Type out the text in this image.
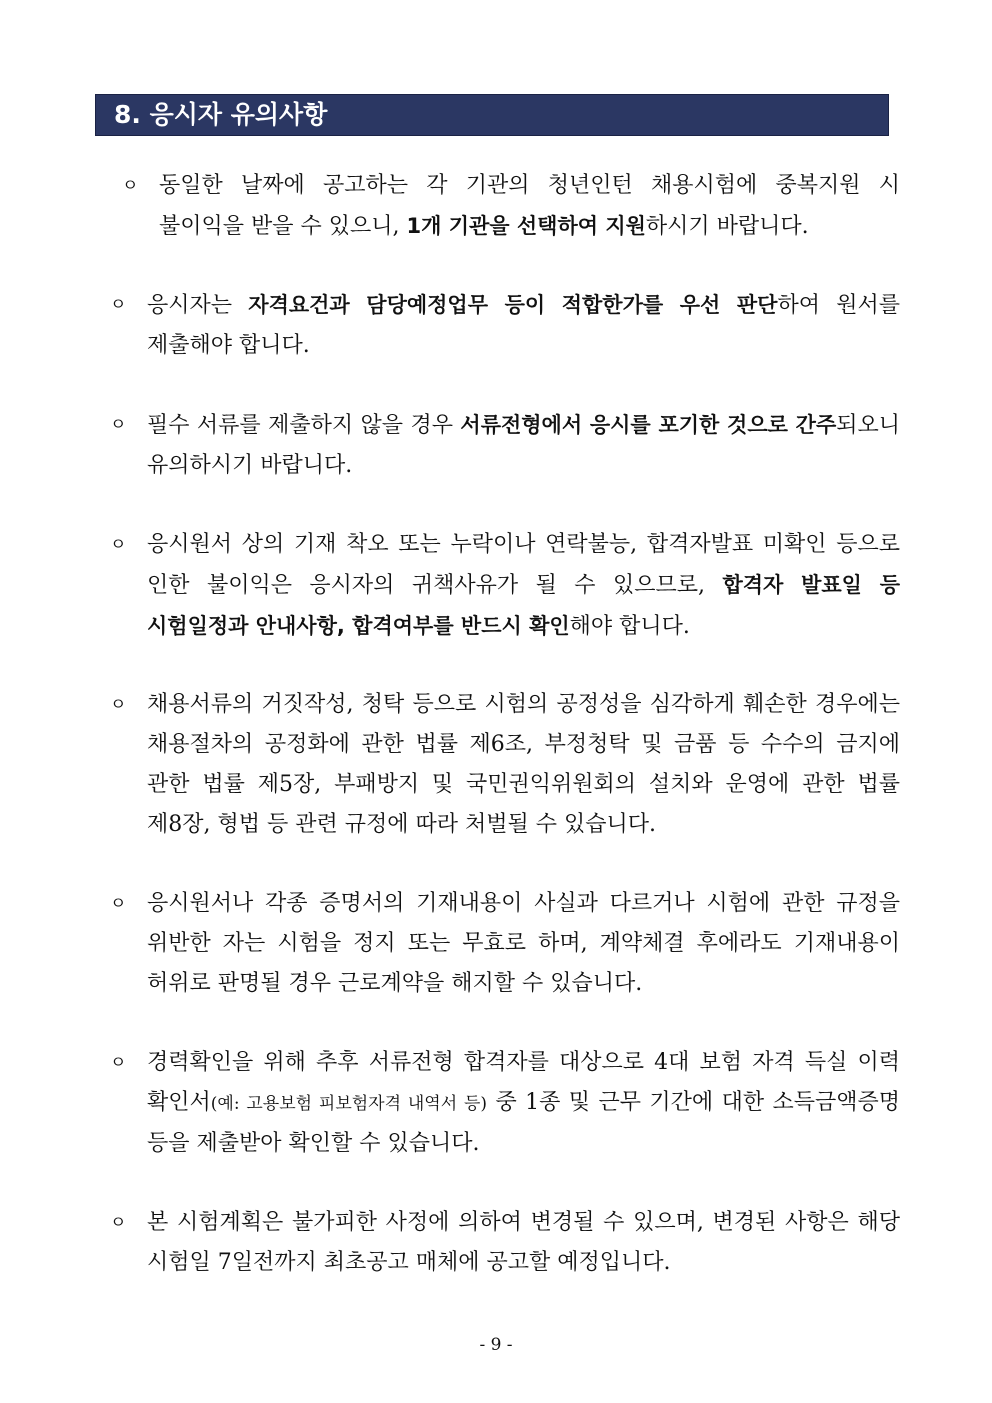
8. 응시자 유의사항
ㅇ 동일한 날짜에 공고하는 각 기관의 청년인턴 채용시험에 중복지원 시 불이익을 받을 수 있으니, 1개 기관을 선택하여 지원하시기 바랍니다.
ㅇ 응시자는 자격요건과 담당예정업무 등이 적합한가를 우선 판단하여 원서를 제출해야 합니다.
ㅇ 필수 서류를 제출하지 않을 경우 서류전형에서 응시를 포기한 것으로 간주되오니 유의하시기 바랍니다.
ㅇ 응시원서 상의 기재 착오 또는 누락이나 연락불능, 합격자발표 미확인 등으로 인한 불이익은 응시자의 귀책사유가 될 수 있으므로, 합격자 발표일 등 시험일정과 안내사항, 합격여부를 반드시 확인해야 합니다.
ㅇ 채용서류의 거짓작성, 청탁 등으로 시험의 공정성을 심각하게 훼손한 경우에는 채용절차의 공정화에 관한 법률 제6조, 부정청탁 및 금품 등 수수의 금지에 관한 법률 제5장, 부패방지 및 국민권익위원회의 설치와 운영에 관한 법률 제8장, 형법 등 관련 규정에 따라 처벌될 수 있습니다.
ㅇ 응시원서나 각종 증명서의 기재내용이 사실과 다르거나 시험에 관한 규정을 위반한 자는 시험을 정지 또는 무효로 하며, 계약체결 후에라도 기재내용이 허위로 판명될 경우 근로계약을 해지할 수 있습니다.
ㅇ 경력확인을 위해 추후 서류전형 합격자를 대상으로 4대 보험 자격 득실 이력 확인서(예: 고용보험 피보험자격 내역서 등) 중 1종 및 근무 기간에 대한 소득금액증명 등을 제출받아 확인할 수 있습니다.
ㅇ 본 시험계획은 불가피한 사정에 의하여 변경될 수 있으며, 변경된 사항은 해당 시험일 7일전까지 최초공고 매체에 공고할 예정입니다.
- 9 -
